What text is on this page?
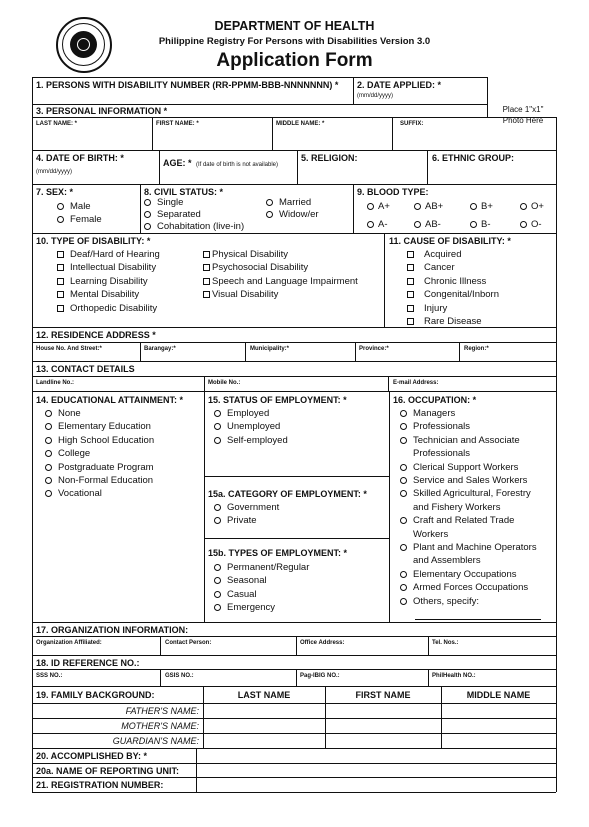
DEPARTMENT OF HEALTH
Philippine Registry For Persons with Disabilities Version 3.0
Application Form
1. PERSONS WITH DISABILITY NUMBER (RR-PPMM-BBB-NNNNNNN) * 2. DATE APPLIED: *
(mm/dd/yyyy)
Place 1"x1"
Photo Here
3. PERSONAL INFORMATION *
LAST NAME: *	FIRST NAME: *	MIDDLE NAME: *	SUFFIX:
4. DATE OF BIRTH: *
(mm/dd/yyyy)
AGE: * (If date of birth is not available)
5. RELIGION:	6. ETHNIC GROUP:
7. SEX: *
Male
Female
8. CIVIL STATUS: *
Single
Separated
Cohabitation (live-in)
Married
Widow/er
9. BLOOD TYPE:
A+	AB+	B+	O+
A-	AB-	B-	O-
10. TYPE OF DISABILITY: *
Deaf/Hard of Hearing
Intellectual Disability
Learning Disability
Mental Disability
Orthopedic Disability
Physical Disability
Psychosocial Disability
Speech and Language Impairment
Visual Disability
11. CAUSE OF DISABILITY: *
Acquired
Cancer
Chronic Illness
Congenital/Inborn
Injury
Rare Disease
12. RESIDENCE ADDRESS *
House No. And Street:*	Barangay:*	Municipality:*	Province:*	Region:*
13. CONTACT DETAILS
Landline No.:	Mobile No.:	E-mail Address:
14. EDUCATIONAL ATTAINMENT: *
None
Elementary Education
High School Education
College
Postgraduate Program
Non-Formal Education
Vocational
15. STATUS OF EMPLOYMENT: *
Employed
Unemployed
Self-employed
15a. CATEGORY OF EMPLOYMENT: *
Government
Private
15b. TYPES OF EMPLOYMENT: *
Permanent/Regular
Seasonal
Casual
Emergency
16. OCCUPATION: *
Managers
Professionals
Technician and Associate
Professionals
Clerical Support Workers
Service and Sales Workers
Skilled Agricultural, Forestry
and Fishery Workers
Craft and Related Trade
Workers
Plant and Machine Operators
and Assemblers
Elementary Occupations
Armed Forces Occupations
Others, specify:
17. ORGANIZATION INFORMATION:
Organization Affiliated:	Contact Person:	Office Address:	Tel. Nos.:
18. ID REFERENCE NO.:
SSS NO.:	GSIS NO.:	Pag-IBIG NO.:	PhilHealth NO.:
19. FAMILY BACKGROUND:	LAST NAME	FIRST NAME	MIDDLE NAME
FATHER'S NAME:
MOTHER'S NAME:
GUARDIAN'S NAME:
20. ACCOMPLISHED BY: *
20a. NAME OF REPORTING UNIT:
21. REGISTRATION NUMBER:
